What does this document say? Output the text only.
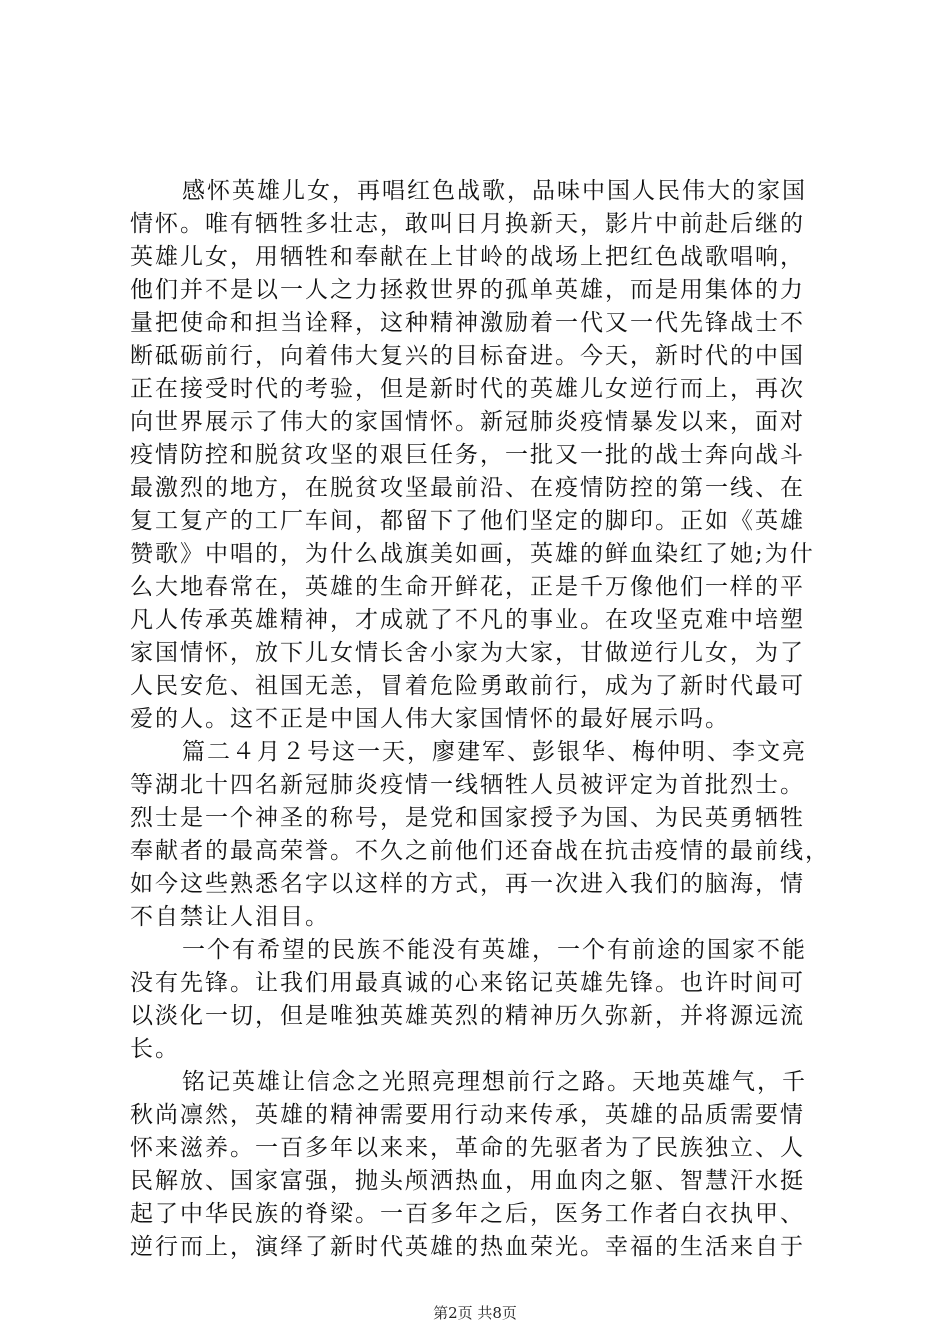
感怀英雄儿女，再唱红色战歌，品味中国人民伟大的家国
情怀。唯有牺牲多壮志，敢叫日月换新天，影片中前赴后继的
英雄儿女，用牺牲和奉献在上甘岭的战场上把红色战歌唱响，
他们并不是以一人之力拯救世界的孤单英雄，而是用集体的力
量把使命和担当诠释，这种精神激励着一代又一代先锋战士不
断砥砺前行，向着伟大复兴的目标奋进。今天，新时代的中国
正在接受时代的考验，但是新时代的英雄儿女逆行而上，再次
向世界展示了伟大的家国情怀。新冠肺炎疫情暴发以来，面对
疫情防控和脱贫攻坚的艰巨任务，一批又一批的战士奔向战斗
最激烈的地方，在脱贫攻坚最前沿、在疫情防控的第一线、在
复工复产的工厂车间，都留下了他们坚定的脚印。正如《英雄
赞歌》中唱的，为什么战旗美如画，英雄的鲜血染红了她;为什
么大地春常在，英雄的生命开鲜花，正是千万像他们一样的平
凡人传承英雄精神，才成就了不凡的事业。在攻坚克难中培塑
家国情怀，放下儿女情长舍小家为大家，甘做逆行儿女，为了
人民安危、祖国无恙，冒着危险勇敢前行，成为了新时代最可
爱的人。这不正是中国人伟大家国情怀的最好展示吗。
篇二４月２号这一天，廖建军、彭银华、梅仲明、李文亮
等湖北十四名新冠肺炎疫情一线牺牲人员被评定为首批烈士。
烈士是一个神圣的称号，是党和国家授予为国、为民英勇牺牲
奉献者的最高荣誉。不久之前他们还奋战在抗击疫情的最前线，
如今这些熟悉名字以这样的方式，再一次进入我们的脑海，情
不自禁让人泪目。
一个有希望的民族不能没有英雄，一个有前途的国家不能
没有先锋。让我们用最真诚的心来铭记英雄先锋。也许时间可
以淡化一切，但是唯独英雄英烈的精神历久弥新，并将源远流
长。
铭记英雄让信念之光照亮理想前行之路。天地英雄气，千
秋尚凛然，英雄的精神需要用行动来传承，英雄的品质需要情
怀来滋养。一百多年以来来，革命的先驱者为了民族独立、人
民解放、国家富强，抛头颅洒热血，用血肉之躯、智慧汗水挺
起了中华民族的脊梁。一百多年之后，医务工作者白衣执甲、
逆行而上，演绎了新时代英雄的热血荣光。幸福的生活来自于
第2页 共8页
